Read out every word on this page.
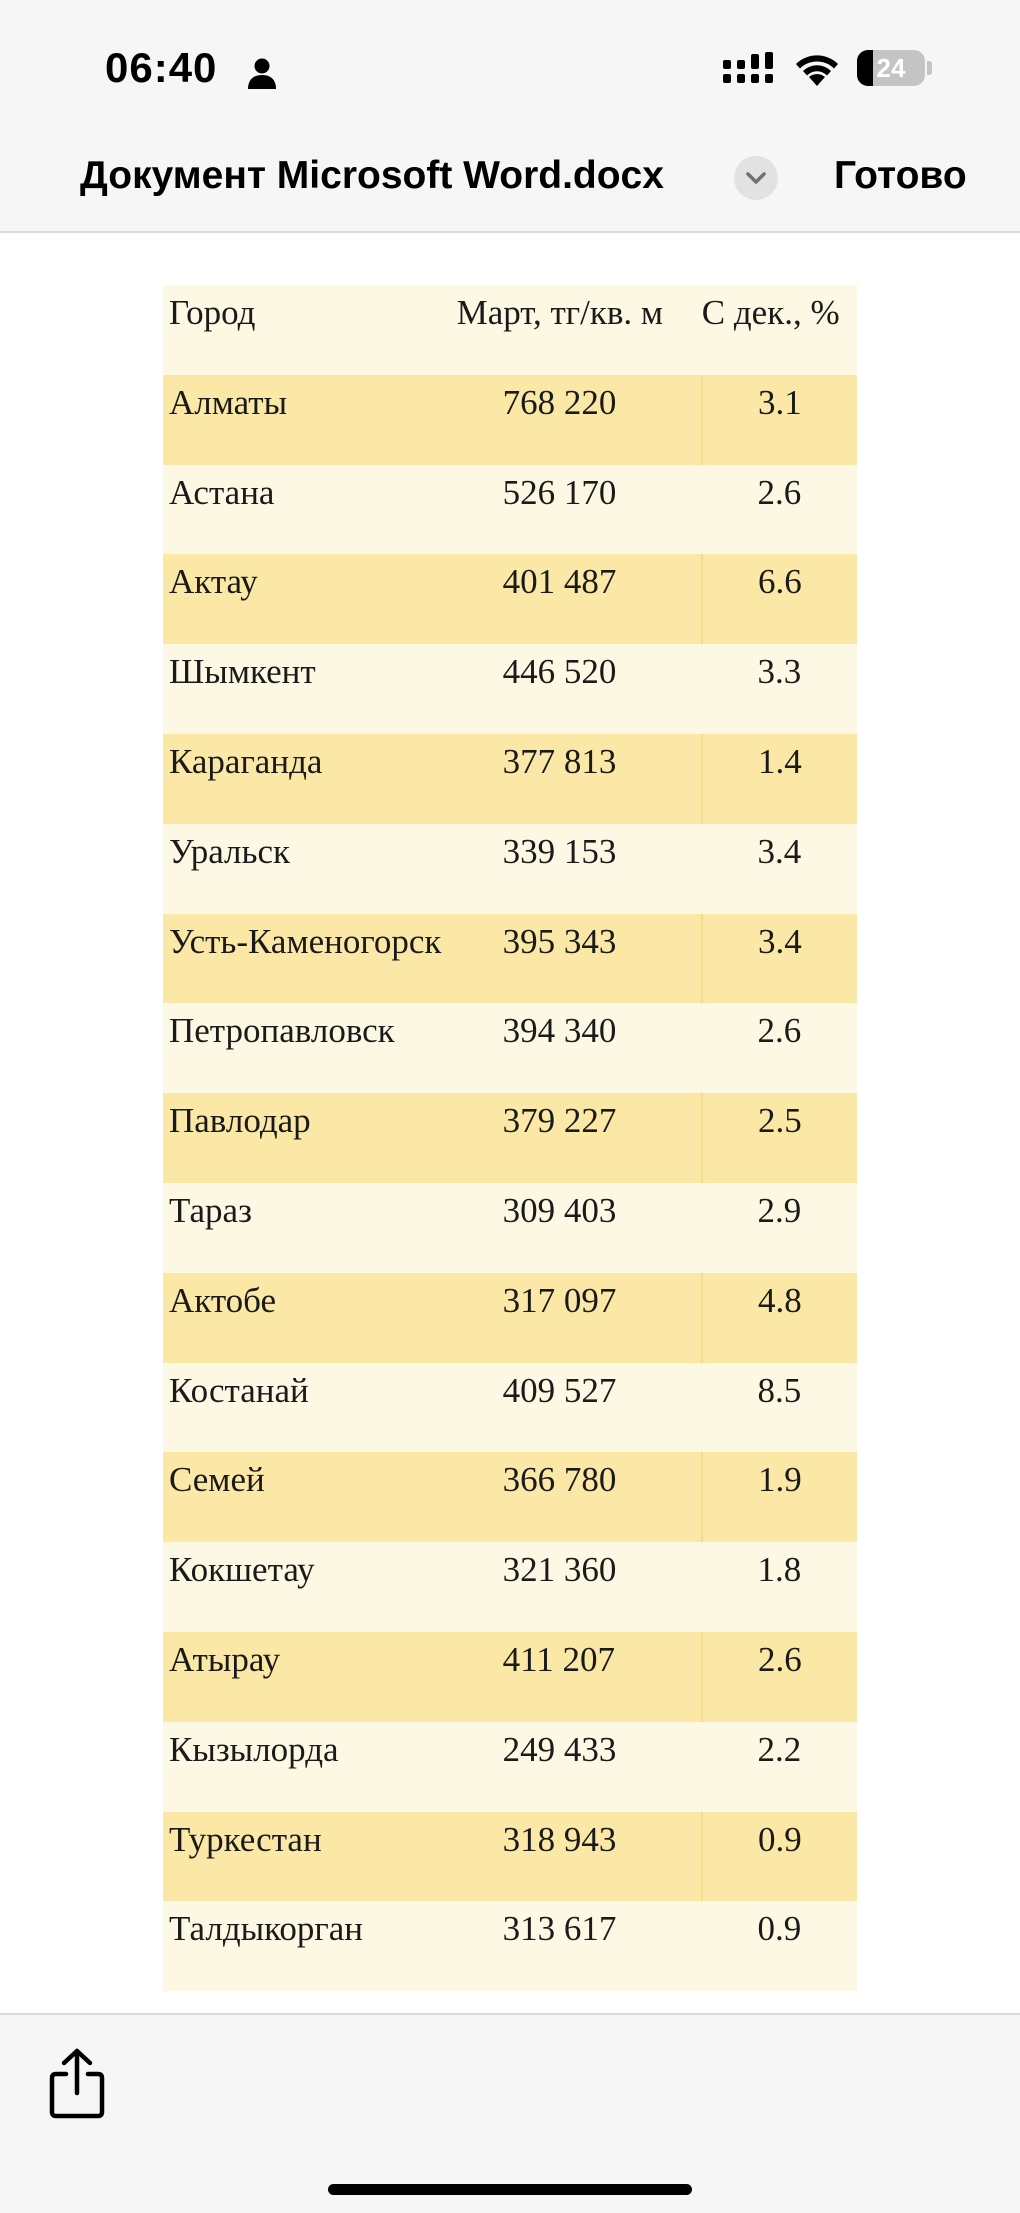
06:40	24
Документ Microsoft Word.docx	Готово
Город	Март, тг/кв. м	С дек., %
Алматы	768 220	3.1
Астана	526 170	2.6
Актау	401 487	6.6
Шымкент	446 520	3.3
Караганда	377 813	1.4
Уральск	339 153	3.4
Усть-Каменогорск	395 343	3.4
Петропавловск	394 340	2.6
Павлодар	379 227	2.5
Тараз	309 403	2.9
Актобе	317 097	4.8
Костанай	409 527	8.5
Семей	366 780	1.9
Кокшетау	321 360	1.8
Атырау	411 207	2.6
Кызылорда	249 433	2.2
Туркестан	318 943	0.9
Талдыкорган	313 617	0.9
